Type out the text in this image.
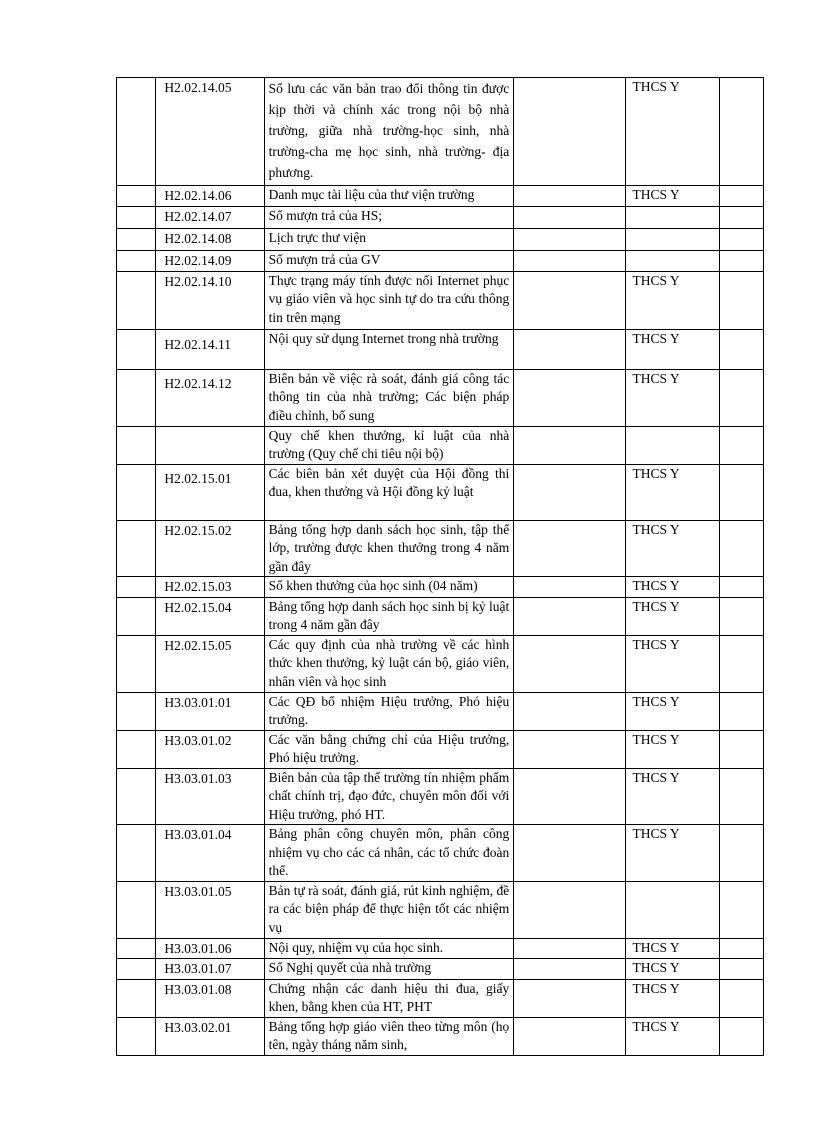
	H2.02.14.05	Sổ lưu các văn bản trao đổi thông tin được kịp thời và chính xác trong nội bộ nhà trường, giữa nhà trường-học sinh, nhà trường-cha mẹ học sinh, nhà trường- địa phương.		THCS Y	
	H2.02.14.06	Danh mục tài liệu của thư viện trường		THCS Y	
	H2.02.14.07	Sổ mượn trả của HS;			
	H2.02.14.08	Lịch trực thư viện			
	H2.02.14.09	Sổ mượn trả của GV			
	H2.02.14.10	Thực trạng máy tính được nối Internet phục vụ giáo viên và học sinh tự do tra cứu thông tin trên mạng		THCS Y	
	H2.02.14.11	Nội quy sử dụng Internet trong nhà trường		THCS Y	
	H2.02.14.12	Biên bản về việc rà soát, đánh giá công tác thông tin của nhà trường; Các biện pháp điều chỉnh, bổ sung		THCS Y	
		Quy chế khen thưởng, kỉ luật của nhà trường (Quy chế chi tiêu nội bộ)			
	H2.02.15.01	Các biên bản xét duyệt của Hội đồng thi đua, khen thưởng và Hội đồng kỷ luật		THCS Y	
	H2.02.15.02	Bảng tổng hợp danh sách học sinh, tập thể lớp, trường được khen thưởng trong 4 năm gần đây		THCS Y	
	H2.02.15.03	Sổ khen thưởng của học sinh (04 năm)		THCS Y	
	H2.02.15.04	Bảng tổng hợp danh sách học sinh bị kỷ luật trong 4 năm gần đây		THCS Y	
	H2.02.15.05	Các quy định của nhà trường về các hình thức khen thưởng, kỷ luật cán bộ, giáo viên, nhân viên và học sinh		THCS Y	
	H3.03.01.01	Các QĐ bổ nhiệm Hiệu trưởng, Phó hiệu trưởng.		THCS Y	
	H3.03.01.02	Các văn bằng chứng chỉ của Hiệu trưởng, Phó hiệu trưởng.		THCS Y	
	H3.03.01.03	Biên bản của tập thể trường tín nhiệm phẩm chất chính trị, đạo đức, chuyên môn đối với Hiệu trưởng, phó HT.		THCS Y	
	H3.03.01.04	Bảng phân công chuyên môn, phân công nhiệm vụ cho các cá nhân, các tổ chức đoàn thể.		THCS Y	
	H3.03.01.05	Bản tự rà soát, đánh giá, rút kinh nghiệm, đề ra các biện pháp để thực hiện tốt các nhiệm vụ			
	H3.03.01.06	Nội quy, nhiệm vụ của học sinh.		THCS Y	
	H3.03.01.07	Sổ Nghị quyết của nhà trường		THCS Y	
	H3.03.01.08	Chứng nhận các danh hiệu thi đua, giấy khen, bằng khen của HT, PHT		THCS Y	
	H3.03.02.01	Bảng tổng hợp giáo viên theo từng môn (họ tên, ngày tháng năm sinh,		THCS Y	
